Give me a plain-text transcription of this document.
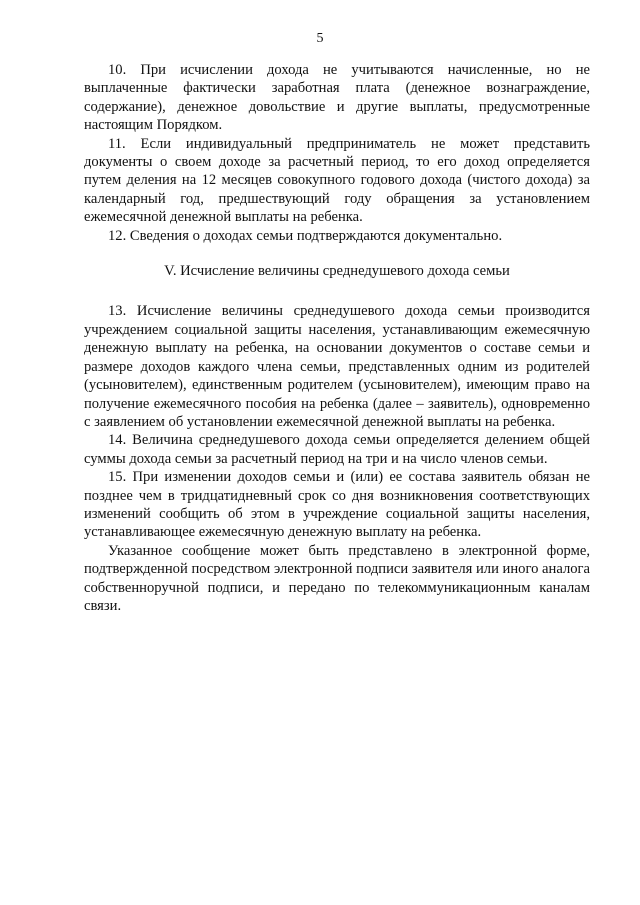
5

10. При исчислении дохода не учитываются начисленные, но не выплаченные фактически заработная плата (денежное вознаграждение, содержание), денежное довольствие и другие выплаты, предусмотренные настоящим Порядком.

11. Если индивидуальный предприниматель не может представить документы о своем доходе за расчетный период, то его доход определяется путем деления на 12 месяцев совокупного годового дохода (чистого дохода) за календарный год, предшествующий году обращения за установлением ежемесячной денежной выплаты на ребенка.

12. Сведения о доходах семьи подтверждаются документально.

V. Исчисление величины среднедушевого дохода семьи

13. Исчисление величины среднедушевого дохода семьи производится учреждением социальной защиты населения, устанавливающим ежемесячную денежную выплату на ребенка, на основании документов о составе семьи и размере доходов каждого члена семьи, представленных одним из родителей (усыновителем), единственным родителем (усыновителем), имеющим право на получение ежемесячного пособия на ребенка (далее – заявитель), одновременно с заявлением об установлении ежемесячной денежной выплаты на ребенка.

14. Величина среднедушевого дохода семьи определяется делением общей суммы дохода семьи за расчетный период на три и на число членов семьи.

15. При изменении доходов семьи и (или) ее состава заявитель обязан не позднее чем в тридцатидневный срок со дня возникновения соответствующих изменений сообщить об этом в учреждение социальной защиты населения, устанавливающее ежемесячную денежную выплату на ребенка.

Указанное сообщение может быть представлено в электронной форме, подтвержденной посредством электронной подписи заявителя или иного аналога собственноручной подписи, и передано по телекоммуникационным каналам связи.
